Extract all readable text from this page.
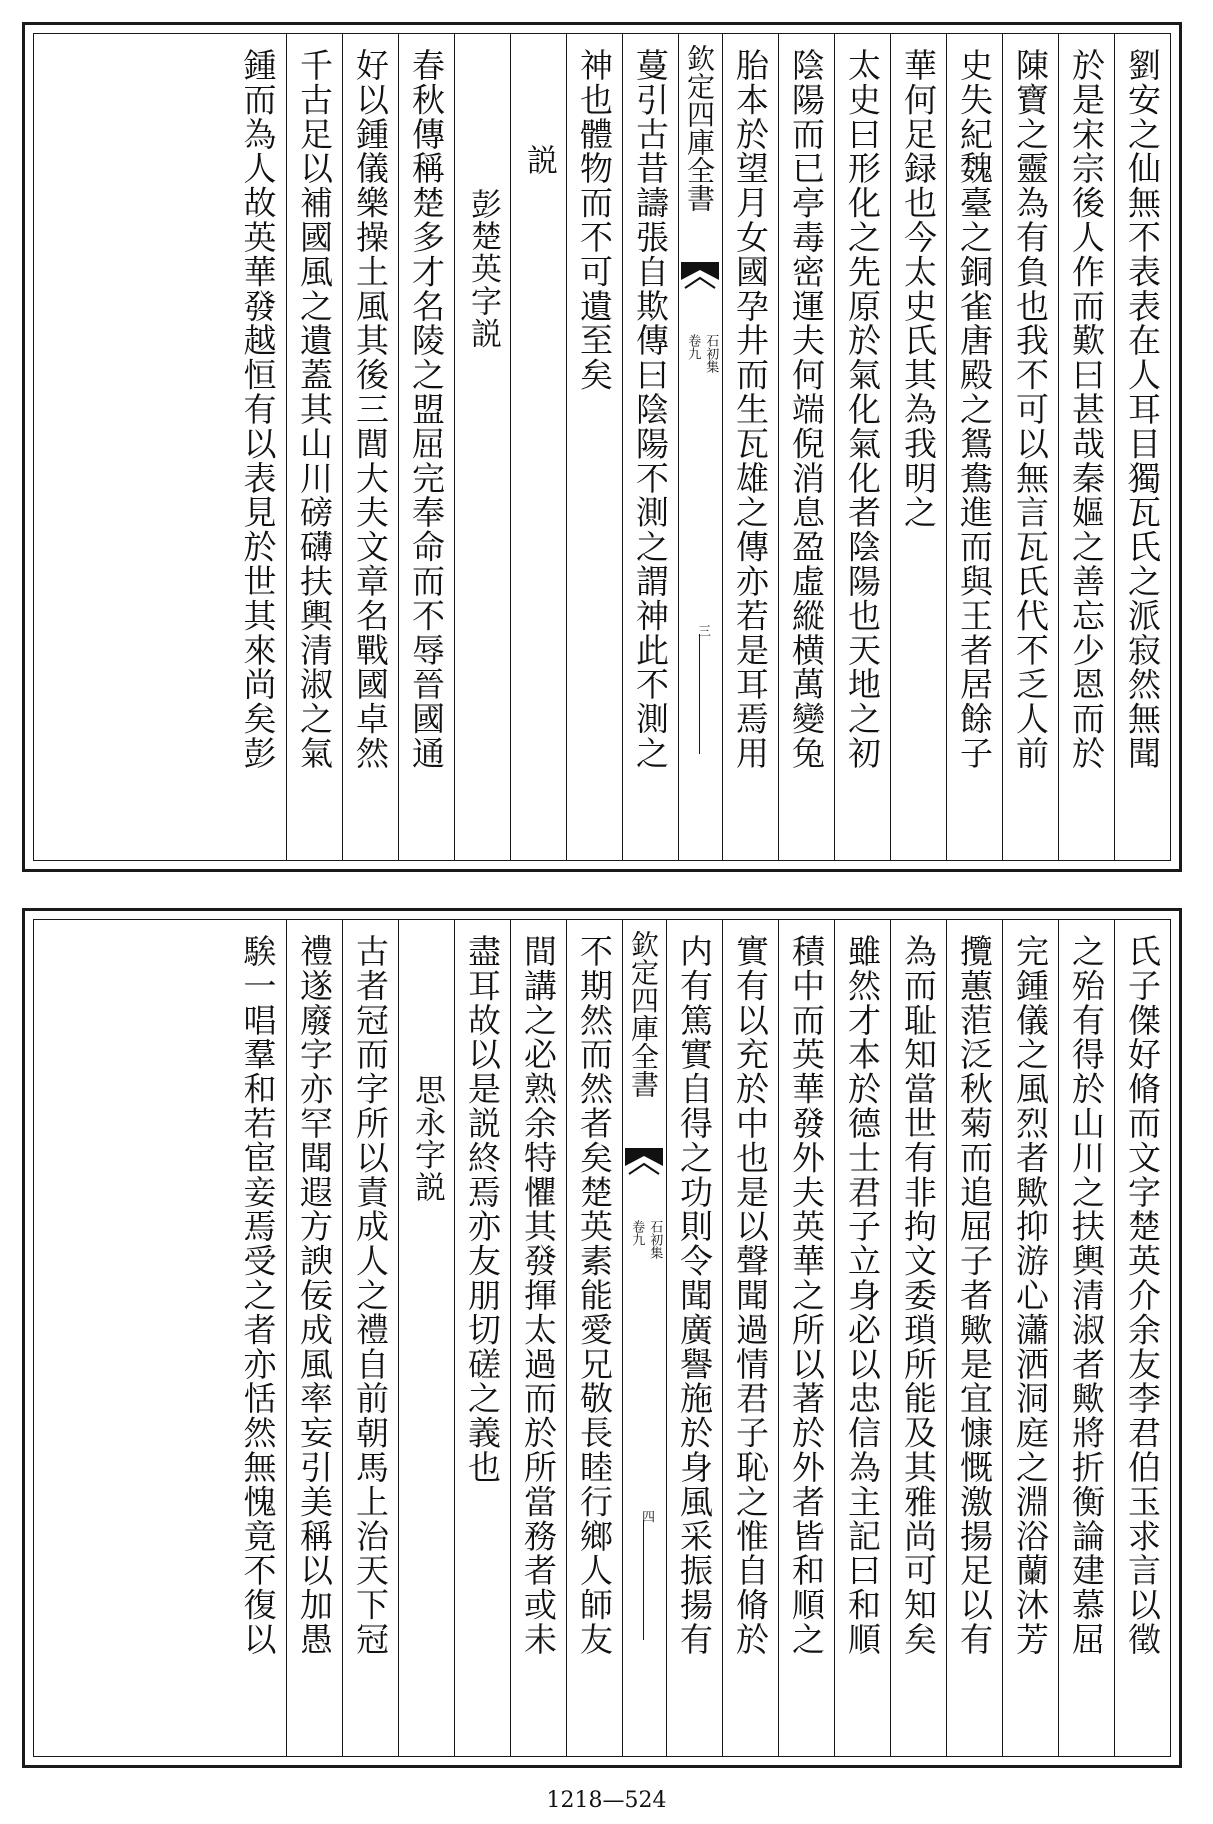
劉安之仙無不表表在人耳目獨瓦氏之派寂然無聞
於是宋宗後人作而歎曰甚哉秦嫗之善忘少恩而於
陳寶之靈為有負也我不可以無言瓦氏代不乏人前
史失紀魏臺之銅雀唐殿之鴛鴦進而與王者居餘子
華何足録也今太史氏其為我明之
太史曰形化之先原於氣化氣化者陰陽也天地之初
陰陽而已亭毒密運夫何端倪消息盈虛縱横萬變兔
胎本於望月女國孕井而生瓦雄之傳亦若是耳焉用
欽定四庫全書
石初集
卷九
三
蔓引古昔譸張自欺傳曰陰陽不測之謂神此不測之
神也體物而不可遺至矣
説
彭楚英字説
春秋傳稱楚多才名陵之盟屈完奉命而不辱晉國通
好以鍾儀樂操土風其後三閭大夫文章名戰國卓然
千古足以補國風之遺蓋其山川磅礴扶輿清淑之氣
鍾而為人故英華發越恒有以表見於世其來尚矣彭
氏子傑好脩而文字楚英介余友李君伯玉求言以徵
之殆有得於山川之扶輿清淑者歟將折衡論建慕屈
完鍾儀之風烈者歟抑游心瀟洒洞庭之淵浴蘭沐芳
攬蕙菃泛秋菊而追屈子者歟是宜慷慨激揚足以有
為而耻知當世有非拘文委瑣所能及其雅尚可知矣
雖然才本於德士君子立身必以忠信為主記曰和順
積中而英華發外夫英華之所以著於外者皆和順之
實有以充於中也是以聲聞過情君子恥之惟自脩於
内有篤實自得之功則令聞廣譽施於身風采振揚有
欽定四庫全書
石初集
卷九
四
不期然而然者矣楚英素能愛兄敬長睦行鄉人師友
間講之必熟余特懼其發揮太過而於所當務者或未
盡耳故以是説終焉亦友朋切磋之義也
思永字説
古者冠而字所以責成人之禮自前朝馬上治天下冠
禮遂廢字亦罕聞遐方諛佞成風率妄引美稱以加愚
騃一唱羣和若宦妾焉受之者亦恬然無愧竟不復以
1218—524
